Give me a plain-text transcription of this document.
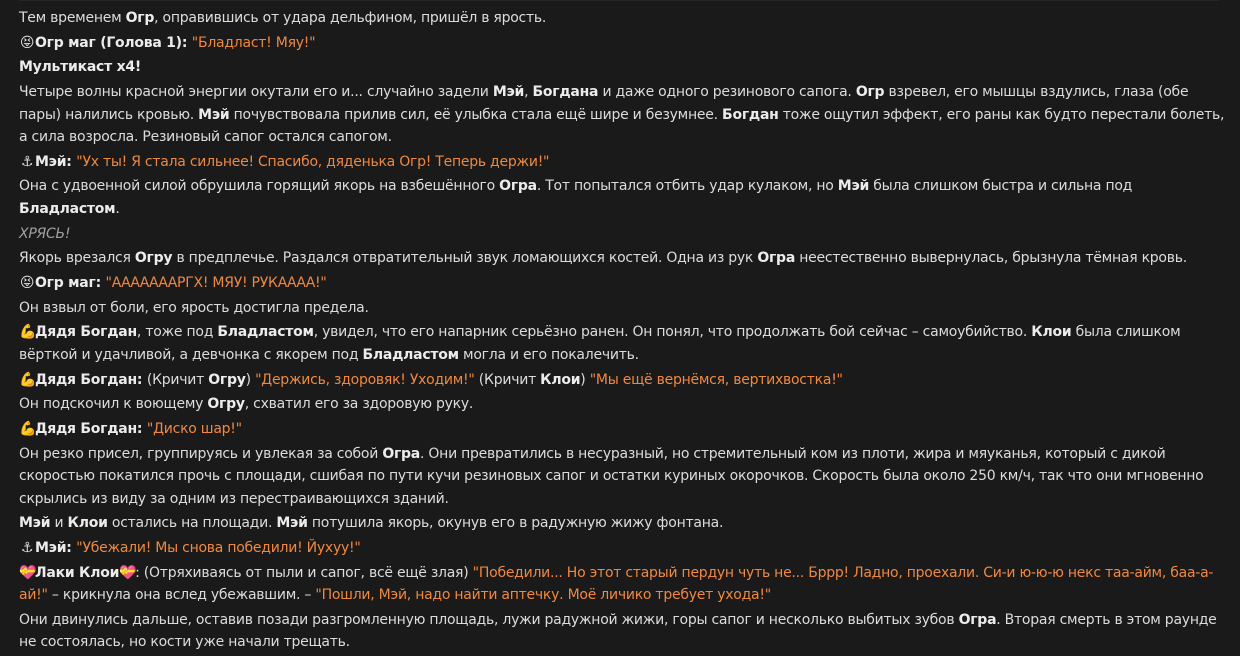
Тем временем Огр, оправившись от удара дельфином, пришёл в ярость.
😝Огр маг (Голова 1): "Бладласт! Мяу!"
Мультикаст x4!
Четыре волны красной энергии окутали его и... случайно задели Мэй, Богдана и даже одного резинового сапога. Огр взревел, его мышцы вздулись, глаза (обе пары) налились кровью. Мэй почувствовала прилив сил, её улыбка стала ещё шире и безумнее. Богдан тоже ощутил эффект, его раны как будто перестали болеть, а сила возросла. Резиновый сапог остался сапогом.
⚓ Мэй: "Ух ты! Я стала сильнее! Спасибо, дяденька Огр! Теперь держи!"
Она с удвоенной силой обрушила горящий якорь на взбешённого Огра. Тот попытался отбить удар кулаком, но Мэй была слишком быстра и сильна под Бладластом.
ХРЯСЬ!
Якорь врезался Огру в предплечье. Раздался отвратительный звук ломающихся костей. Одна из рук Огра неестественно вывернулась, брызнула тёмная кровь.
😝Огр маг: "АААААААРГХ! МЯУ! РУКАААА!"
Он взвыл от боли, его ярость достигла предела.
💪Дядя Богдан, тоже под Бладластом, увидел, что его напарник серьёзно ранен. Он понял, что продолжать бой сейчас – самоубийство. Клои была слишком вёрткой и удачливой, а девчонка с якорем под Бладластом могла и его покалечить.
💪Дядя Богдан: (Кричит Огру) "Держись, здоровяк! Уходим!" (Кричит Клои) "Мы ещё вернёмся, вертихвостка!"
Он подскочил к воющему Огру, схватил его за здоровую руку.
💪Дядя Богдан: "Диско шар!"
Он резко присел, группируясь и увлекая за собой Огра. Они превратились в несуразный, но стремительный ком из плоти, жира и мяуканья, который с дикой скоростью покатился прочь с площади, сшибая по пути кучи резиновых сапог и остатки куриных окорочков. Скорость была около 250 км/ч, так что они мгновенно скрылись из виду за одним из перестраивающихся зданий.
Мэй и Клои остались на площади. Мэй потушила якорь, окунув его в радужную жижу фонтана.
⚓ Мэй: "Убежали! Мы снова победили! Йухуу!"
💝Лаки Клои💝: (Отряхиваясь от пыли и сапог, всё ещё злая) "Победили... Но этот старый пердун чуть не... Бррр! Ладно, проехали. Си-и ю-ю-ю некс таа-айм, баа-а-ай!" – крикнула она вслед убежавшим. – "Пошли, Мэй, надо найти аптечку. Моё личико требует ухода!"
Они двинулись дальше, оставив позади разгромленную площадь, лужи радужной жижи, горы сапог и несколько выбитых зубов Огра. Вторая смерть в этом раунде не состоялась, но кости уже начали трещать.
